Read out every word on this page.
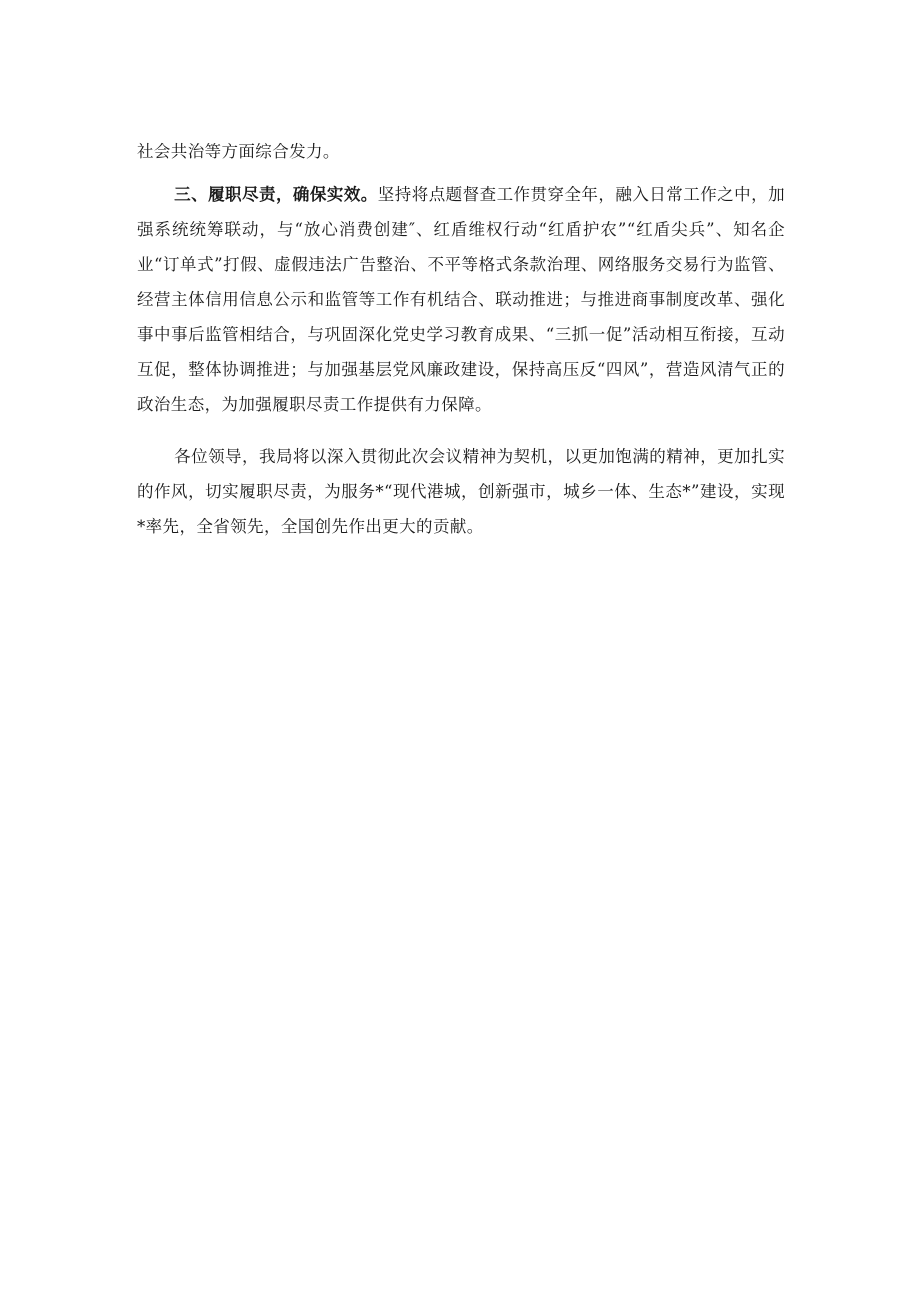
社会共治等方面综合发力。

三、履职尽责，确保实效。坚持将点题督查工作贯穿全年，融入日常工作之中，加强系统统筹联动，与“放心消费创建″、红盾维权行动“红盾护农”“红盾尖兵”、知名企业“订单式”打假、虚假违法广告整治、不平等格式条款治理、网络服务交易行为监管、经营主体信用信息公示和监管等工作有机结合、联动推进；与推进商事制度改革、强化事中事后监管相结合，与巩固深化党史学习教育成果、“三抓一促”活动相互衔接，互动互促，整体协调推进；与加强基层党风廉政建设，保持高压反“四风”，营造风清气正的政治生态，为加强履职尽责工作提供有力保障。

各位领导，我局将以深入贯彻此次会议精神为契机，以更加饱满的精神，更加扎实的作风，切实履职尽责，为服务*“现代港城，创新强市，城乡一体、生态*”建设，实现*率先，全省领先，全国创先作出更大的贡献。
